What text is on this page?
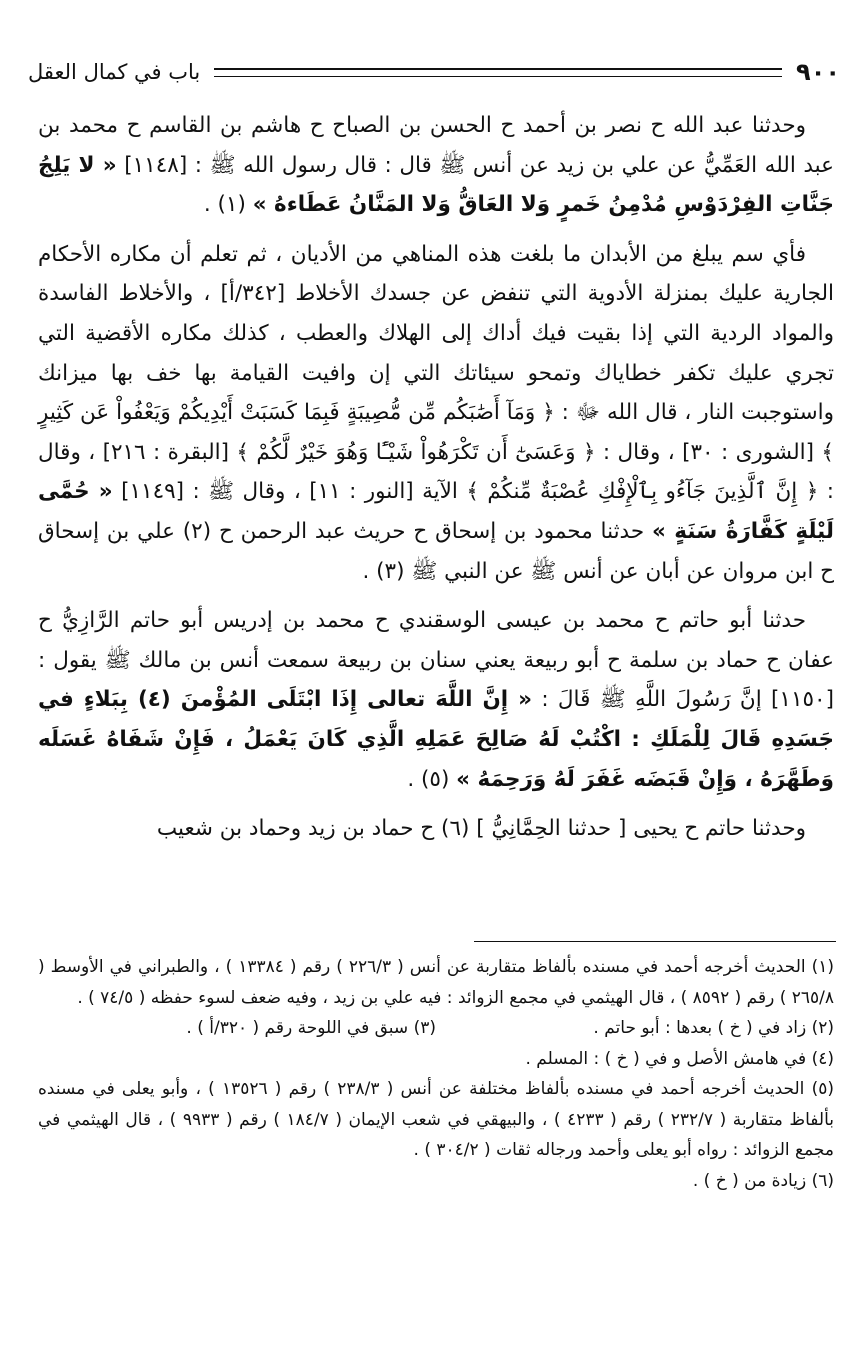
٩٠٠
باب في كمال العقل

وحدثنا عبد الله ح نصر بن أحمد ح الحسن بن الصباح ح هاشم بن القاسم ح محمد بن عبد الله العَمِّيُّ عن علي بن زيد عن أنس ﷺ قال : قال رسول الله ﷺ : [١١٤٨] « لا يَلِجُ جَنَّاتِ الفِرْدَوْسِ مُدْمِنُ خَمرٍ وَلا العَاقُّ وَلا المَنَّانُ عَطَاءهُ » (١) .

فأي سم يبلغ من الأبدان ما بلغت هذه المناهي من الأديان ، ثم تعلم أن مكاره الأحكام الجارية عليك بمنزلة الأدوية التي تنفض عن جسدك الأخلاط [٣٤٢/أ] ، والأخلاط الفاسدة والمواد الردية التي إذا بقيت فيك أداك إلى الهلاك والعطب ، كذلك مكاره الأقضية التي تجري عليك تكفر خطاياك وتمحو سيئاتك التي إن وافيت القيامة بها خف بها ميزانك واستوجبت النار ، قال الله ﷻ : ﴿ وَمَآ أَصَٰبَكُم مِّن مُّصِيبَةٍ فَبِمَا كَسَبَتْ أَيْدِيكُمْ وَيَعْفُواْ عَن كَثِيرٍ ﴾ [الشورى : ٣٠] ، وقال : ﴿ وَعَسَىٰٓ أَن تَكْرَهُواْ شَيْـًٔا وَهُوَ خَيْرٌ لَّكُمْ ﴾ [البقرة : ٢١٦] ، وقال : ﴿ إِنَّ ٱلَّذِينَ جَآءُو بِٱلْإِفْكِ عُصْبَةٌ مِّنكُمْ ﴾ الآية [النور : ١١] ، وقال ﷺ : [١١٤٩] « حُمَّى لَيْلَةٍ كَفَّارَةُ سَنَةٍ » حدثنا محمود بن إسحاق ح حريث عبد الرحمن ح (٢) علي بن إسحاق ح ابن مروان عن أبان عن أنس ﷺ عن النبي ﷺ (٣) .

حدثنا أبو حاتم ح محمد بن عيسى الوسقندي ح محمد بن إدريس أبو حاتم الرَّازِيُّ ح عفان ح حماد بن سلمة ح أبو ربيعة يعني سنان بن ربيعة سمعت أنس بن مالك ﷺ يقول : [١١٥٠] إنَّ رَسُولَ اللَّهِ ﷺ قَالَ : « إِنَّ اللَّهَ تعالى إِذَا ابْتَلَى المُؤْمنَ (٤) بِبَلاءٍ في جَسَدِهِ قَالَ لِلْمَلَكِ : اكْتُبْ لَهُ صَالِحَ عَمَلِهِ الَّذِي كَانَ يَعْمَلُ ، فَإِنْ شَفَاهُ غَسَلَه وَطَهَّرَهُ ، وَإِنْ قَبَضَه غَفَرَ لَهُ وَرَحِمَهُ » (٥) .

وحدثنا حاتم ح يحيى [ حدثنا الحِمَّانِيُّ ] (٦) ح حماد بن زيد وحماد بن شعيب

(١) الحديث أخرجه أحمد في مسنده بألفاظ متقاربة عن أنس ( ٢٢٦/٣ ) رقم ( ١٣٣٨٤ ) ، والطبراني في الأوسط ( ٢٦٥/٨ ) رقم ( ٨٥٩٢ ) ، قال الهيثمي في مجمع الزوائد : فيه علي بن زيد ، وفيه ضعف لسوء حفظه ( ٧٤/٥ ) .

(٢) زاد في ( خ ) بعدها : أبو حاتم .

(٣) سبق في اللوحة رقم ( ٣٢٠/أ ) .

(٤) في هامش الأصل و في ( خ ) : المسلم .

(٥) الحديث أخرجه أحمد في مسنده بألفاظ مختلفة عن أنس ( ٢٣٨/٣ ) رقم ( ١٣٥٢٦ ) ، وأبو يعلى في مسنده بألفاظ متقاربة ( ٢٣٢/٧ ) رقم ( ٤٢٣٣ ) ، والبيهقي في شعب الإيمان ( ١٨٤/٧ ) رقم ( ٩٩٣٣ ) ، قال الهيثمي في مجمع الزوائد : رواه أبو يعلى وأحمد ورجاله ثقات ( ٣٠٤/٢ ) .

(٦) زيادة من ( خ ) .
